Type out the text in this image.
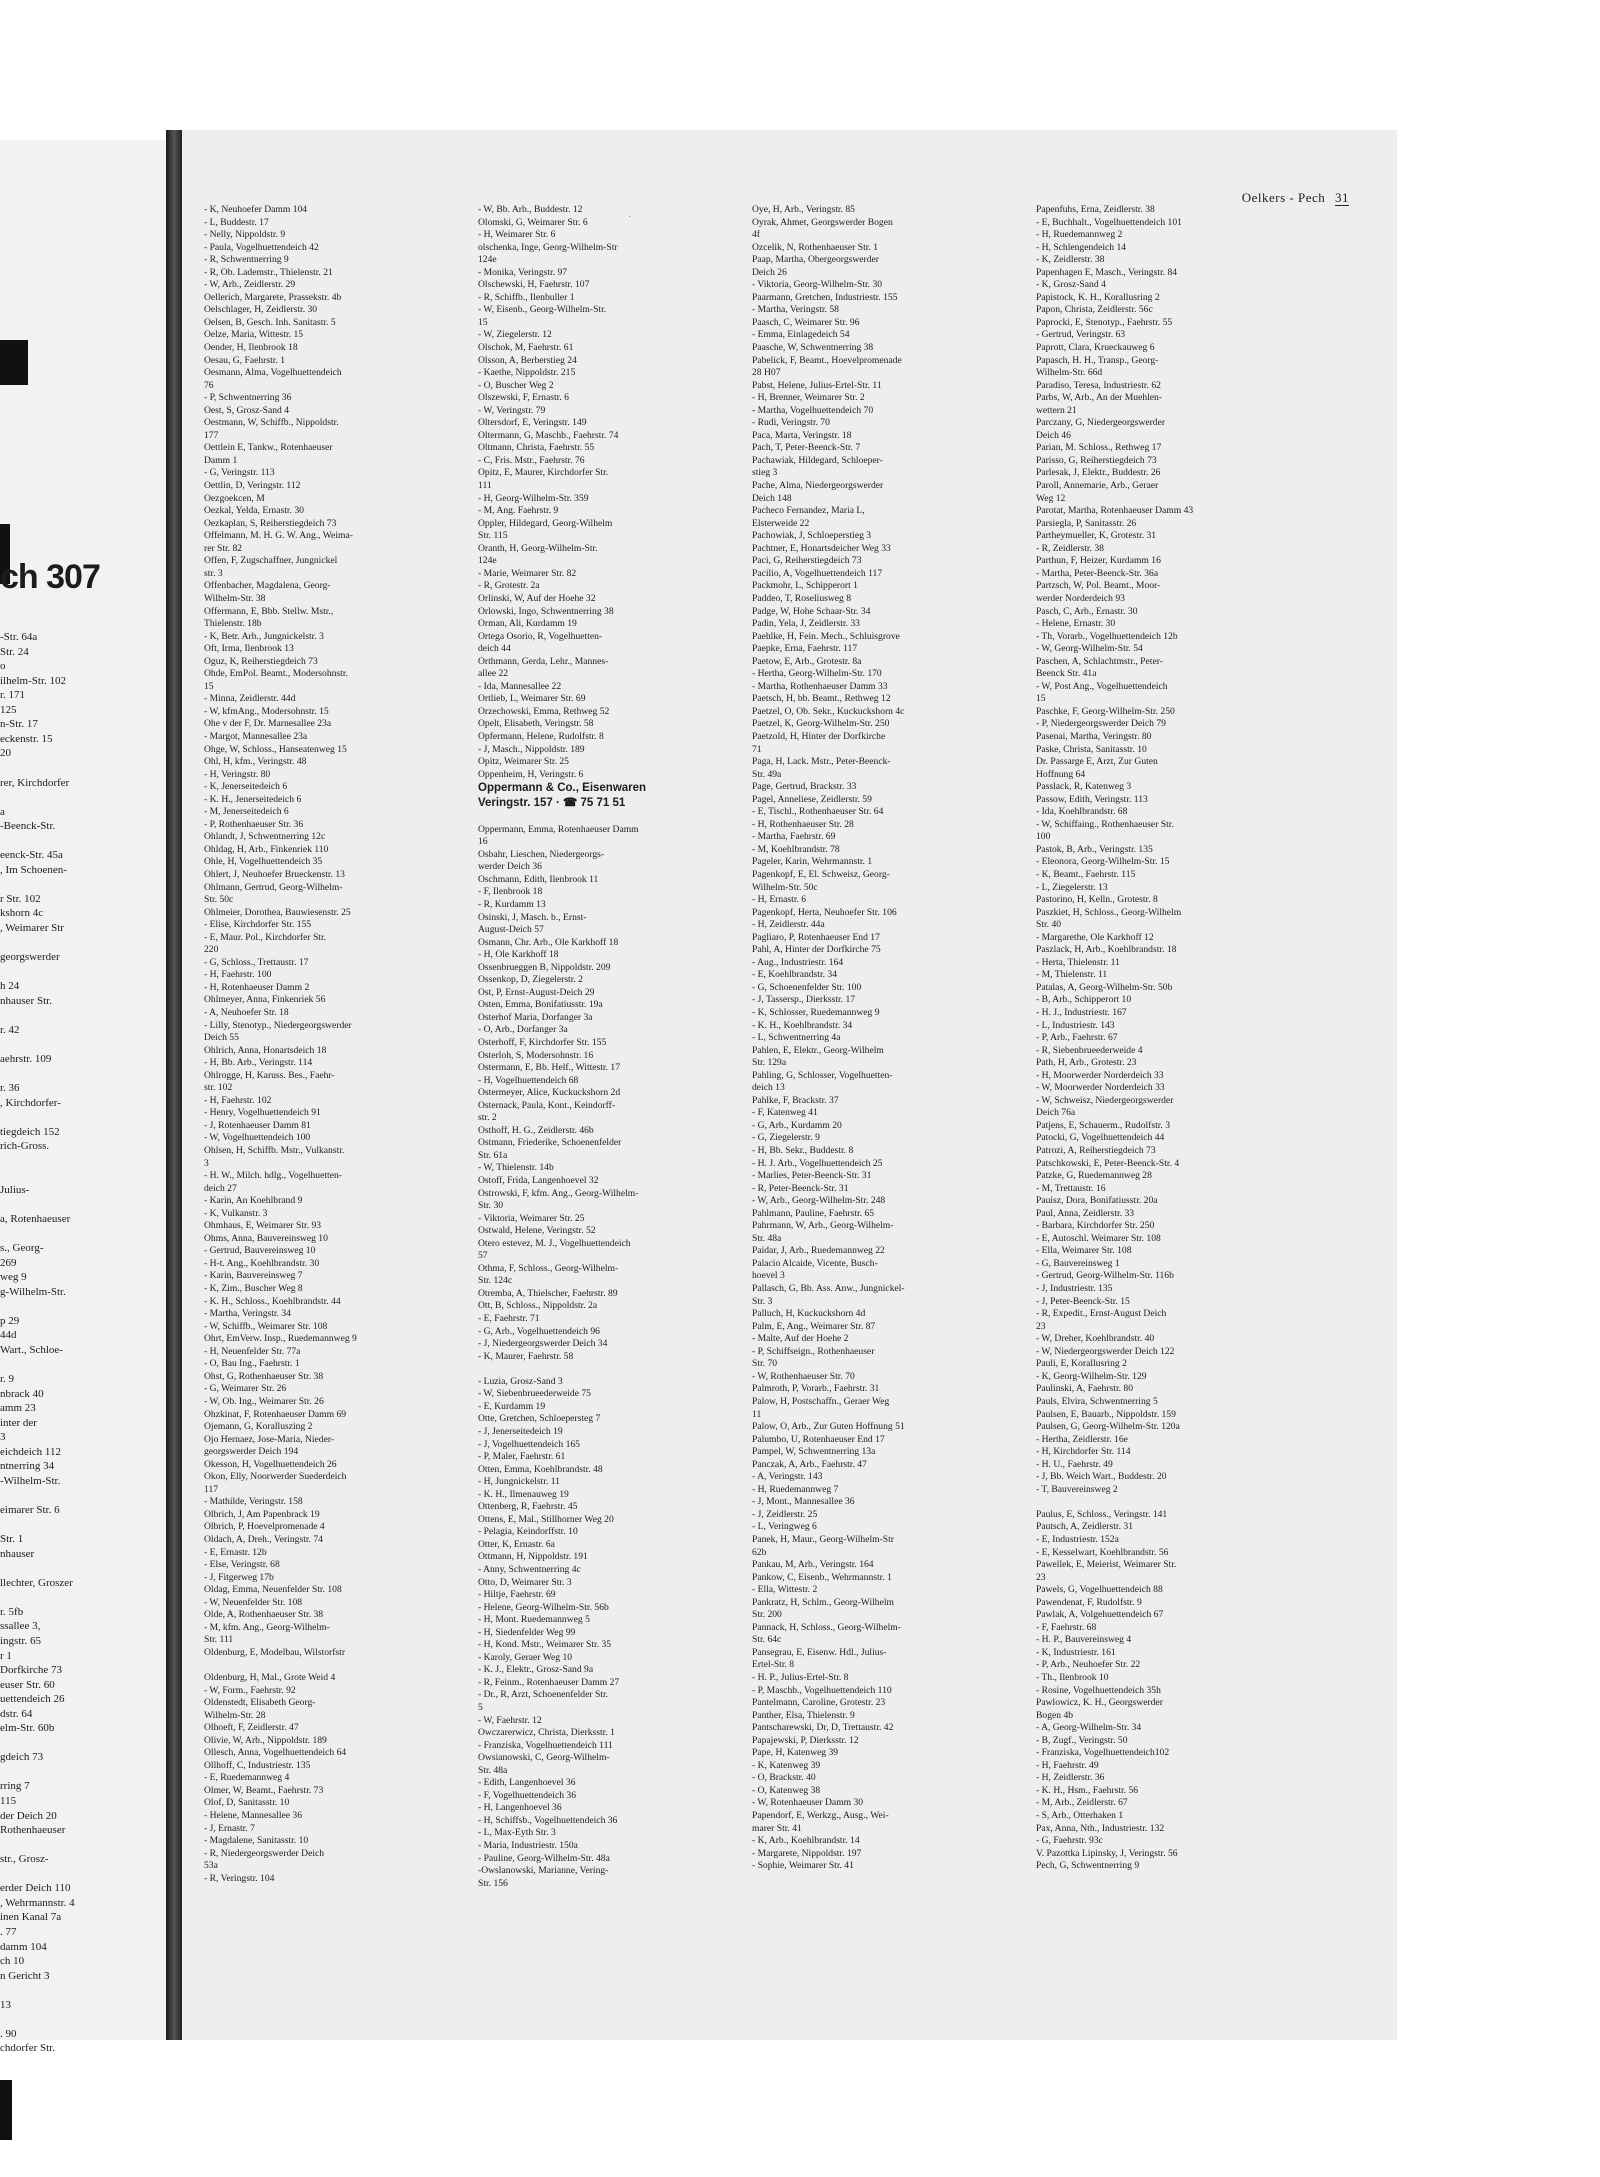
ch 307
-Str. 64a
Str. 24
o
ilhelm-Str. 102
r. 171
125
n-Str. 17
eckenstr. 15
20
rer, Kirchdorfer
a
-Beenck-Str.
eenck-Str. 45a
, Im Schoenen-
r Str. 102
kshorn 4c
, Weimarer Str
georgswerder
h 24
nhauser Str.
r. 42
aehrstr. 109
r. 36
, Kirchdorfer-
tiegdeich 152
rich-Gross.
Julius-
a, Rotenhaeuser
s., Georg-
269
weg 9
g-Wilhelm-Str.
p 29
44d
Wart., Schloe-
r. 9
nbrack 40
amm 23
inter der
3
eichdeich 112
ntnerring 34
-Wilhelm-Str.
eimarer Str. 6
Str. 1
nhauser
llechter, Groszer
r. 5fb
ssallee 3,
ingstr. 65
r 1
Dorfkirche 73
euser Str. 60
uettendeich 26
dstr. 64
elm-Str. 60b
gdeich 73
rring 7
115
der Deich 20
Rothenhaeuser
str., Grosz-
erder Deich 110
, Wehrmannstr. 4
inen Kanal 7a
. 77
damm 104
ch 10
n Gericht 3
13
. 90
chdorfer Str.
Oelkers - Pech 31
·
- K, Neuhoefer Damm 104
- L, Buddestr. 17
- Nelly, Nippoldstr. 9
- Paula, Vogelhuettendeich 42
- R, Schwentnerring 9
- R, Ob. Lademstr., Thielenstr. 21
- W, Arb., Zeidlerstr. 29
Oellerich, Margarete, Prassekstr. 4b
Oelschlager, H, Zeidlerstr. 30
Oelsen, B, Gesch. Inh. Sanitastr. 5
Oelze, Maria, Wittestr. 15
Oender, H, Ilenbrook 18
Oesau, G, Faehrstr. 1
Oesmann, Alma, Vogelhuettendeich
76
- P, Schwentnerring 36
Oest, S, Grosz-Sand 4
Oestmann, W, Schiffb., Nippoldstr.
177
Oettlein E, Tankw., Rotenhaeuser
Damm 1
- G, Veringstr. 113
Oettlin, D, Veringstr. 112
Oezgoekcen, M
Oezkal, Yelda, Ernastr. 30
Oezkaplan, S, Reiherstiegdeich 73
Offelmann, M. H. G. W. Ang., Weima-
rer Str. 82
Offen, F, Zugschaffner, Jungnickel
str. 3
Offenbacher, Magdalena, Georg-
Wilhelm-Str. 38
Offermann, E, Bbb. Stellw. Mstr.,
Thielenstr. 18b
- K, Betr. Arb., Jungnickelstr. 3
Oft, Irma, Ilenbrook 13
Oguz, K, Reiherstiegdeich 73
Ohde, EmPol. Beamt., Modersohnstr.
15
- Minna, Zeidlerstr. 44d
- W, kfmAng., Modersohnstr. 15
Ohe v der F, Dr. Marnesallee 23a
- Margot, Mannesallee 23a
Ohge, W, Schloss., Hanseatenweg 15
Ohl, H, kfm., Veringstr. 48
- H, Veringstr. 80
- K, Jenerseitedeich 6
- K. H., Jenerseitedeich 6
- M, Jenerseitedeich 6
- P, Rothenhaeuser Str. 36
Ohlandt, J, Schwentnerring 12c
Ohldag, H, Arb., Finkenriek 110
Ohle, H, Vogelhuettendeich 35
Ohlert, J, Neuhoefer Brueckenstr. 13
Ohlmann, Gertrud, Georg-Wilhelm-
Str. 50c
Ohlmeier, Dorothea, Bauwiesenstr. 25
- Elise, Kirchdorfer Str. 155
- E, Maur. Pol., Kirchdorfer Str.
220
- G, Schloss., Trettaustr. 17
- H, Faehrstr. 100
- H, Rotenhaeuser Damm 2
Ohlmeyer, Anna, Finkenriek 56
- A, Neuhoefer Str. 18
- Lilly, Stenotyp., Niedergeorgswerder
Deich 55
Ohlrich, Anna, Honartsdeich 18
- H, Bb. Arb., Veringstr. 114
Ohlrogge, H, Karuss. Bes., Faehr-
str. 102
- H, Faehrstr. 102
- Henry, Vogelhuettendeich 91
- J, Rotenhaeuser Damm 81
- W, Vogelhuettendeich 100
Ohlsen, H, Schiffb. Mstr., Vulkanstr.
3
- H. W., Milch. hdlg., Vogelhuetten-
deich 27
- Karin, An Koehlbrand 9
- K, Vulkanstr. 3
Ohmhaus, E, Weimarer Str. 93
Ohms, Anna, Bauvereinsweg 10
- Gertrud, Bauvereinsweg 10
- H-t. Ang., Koehlbrandstr. 30
- Karin, Bauvereinsweg 7
- K, Zim., Buscher Weg 8
- K. H., Schloss., Koehlbrandstr. 44
- Martha, Veringstr. 34
- W, Schiffb., Weimarer Str. 108
Ohrt, EmVerw. Insp., Ruedemannweg 9
- H, Neuenfelder Str. 77a
- O, Bau Ing., Faehrstr. 1
Ohst, G, Rothenhaeuser Str. 38
- G, Weimarer Str. 26
- W, Ob. Ing., Weimarer Str. 26
Ohzkinat, F, Rotenhaeuser Damm 69
Ojemann, G, Koralluszing 2
Ojo Hernaez, Jose-Maria, Nieder-
georgswerder Deich 194
Okesson, H, Vogelhuettendeich 26
Okon, Elly, Noorwerder Suederdeich
117
- Mathilde, Veringstr. 158
Olbrich, J, Am Papenbrack 19
Olbrich, P, Hoevelpromenade 4
Oldach, A, Dreh., Veringstr. 74
- E, Ernastr. 12b
- Else, Veringstr. 68
- J, Fitgerweg 17b
Oldag, Emma, Neuenfelder Str. 108
- W, Neuenfelder Str. 108
Olde, A, Rothenhaeuser Str. 38
- M, kfm. Ang., Georg-Wilhelm-
Str. 111
Oldenburg, E, Modelbau, Wilstorfstr

Oldenburg, H, Mal., Grote Weid 4
- W, Form., Faehrstr. 92
Oldenstedt, Elisabeth Georg-
Wilhelm-Str. 28
Olhoeft, F, Zeidlerstr. 47
Olivie, W, Arb., Nippoldstr. 189
Ollesch, Anna, Vogelhuettendeich 64
Ollhoff, C, Industriestr. 135
- E, Ruedemannweg 4
Olmer, W, Beamt., Faehrstr. 73
Olof, D, Sanitasstr. 10
- Helene, Mannesallee 36
- J, Ernastr. 7
- Magdalene, Sanitasstr. 10
- R, Niedergeorgswerder Deich
53a
- R, Veringstr. 104
- W, Bb. Arb., Buddestr. 12
Olomski, G, Weimarer Str. 6
- H, Weimarer Str. 6
olschenka, Inge, Georg-Wilhelm-Str
124e
- Monika, Veringstr. 97
Olschewski, H, Faehrstr. 107
- R, Schiffb., Ilenbuller 1
- W, Eisenb., Georg-Wilhelm-Str.
15
- W, Ziegelerstr. 12
Olschok, M, Faehrstr. 61
Olsson, A, Berberstieg 24
- Kaethe, Nippoldstr. 215
- O, Buscher Weg 2
Olszewski, F, Ernastr. 6
- W, Veringstr. 79
Oltersdorf, E, Veringstr. 149
Oltermann, G, Maschb., Faehrstr. 74
Oltmann, Christa, Faehrstr. 55
- C, Fris. Mstr., Faehrstr. 76
Opitz, E, Maurer, Kirchdorfer Str.
111
- H, Georg-Wilhelm-Str. 359
- M, Ang. Faehrstr. 9
Oppler, Hildegard, Georg-Wilhelm
Str. 115
Oranth, H, Georg-Wilhelm-Str.
124e
- Marie, Weimarer Str. 82
- R, Grotestr. 2a
Orlinski, W, Auf der Hoehe 32
Orlowski, Ingo, Schwentnerring 38
Orman, Ali, Kurdamm 19
Ortega Osorio, R, Vogelhuetten-
deich 44
Orthmann, Gerda, Lehr., Mannes-
allee 22
- Ida, Mannesallee 22
Ortlieb, L, Weimarer Str. 69
Orzechowski, Emma, Rethweg 52
Opelt, Elisabeth, Veringstr. 58
Opfermann, Helene, Rudolfstr. 8
- J, Masch., Nippoldstr. 189
Opitz, Weimarer Str. 25
Oppenheim, H, Veringstr. 6
Oppermann & Co., Eisenwaren
Veringstr. 157 · ☎ 75 71 51

Oppermann, Emma, Rotenhaeuser Damm
16
Osbahr, Lieschen, Niedergeorgs-
werder Deich 36
Oschmann, Edith, Ilenbrook 11
- F, Ilenbrook 18
- R, Kurdamm 13
Osinski, J, Masch. b., Ernst-
August-Deich 57
Osmann, Chr. Arb., Ole Karkhoff 18
- H, Ole Karkhoff 18
Ossenbrueggen B, Nippoldstr. 209
Ossenkop, D, Ziegelerstr. 2
Ost, P, Ernst-August-Deich 29
Osten, Emma, Bonifatiusstr. 19a
Osterhof Maria, Dorfanger 3a
- O, Arb., Dorfanger 3a
Osterhoff, F, Kirchdorfer Str. 155
Osterloh, S, Modersohnstr. 16
Ostermann, E, Bb. Helf., Wittestr. 17
- H, Vogelhuettendeich 68
Ostermeyer, Alice, Kuckuckshorn 2d
Osternack, Paula, Kont., Keindorff-
str. 2
Osthoff, H. G., Zeidlerstr. 46b
Ostmann, Friederike, Schoenenfelder
Str. 61a
- W, Thielenstr. 14b
Ostoff, Frida, Langenhoevel 32
Ostrowski, F, kfm. Ang., Georg-Wilhelm-
Str. 30
- Viktoria, Weimarer Str. 25
Ostwald, Helene, Veringstr. 52
Otero estevez, M. J., Vogelhuettendeich
57
Othma, F, Schloss., Georg-Wilhelm-
Str. 124c
Otremba, A, Thielscher, Faehrstr. 89
Ott, B, Schloss., Nippoldstr. 2a
- E, Faehrstr. 71
- G, Arb., Vogelhuettendeich 96
- J, Niedergeorgswerder Deich 34
- K, Maurer, Faehrstr. 58

- Luzia, Grosz-Sand 3
- W, Siebenbrueederweide 75
- E, Kurdamm 19
Otte, Gretchen, Schloepersteg 7
- J, Jenerseitedeich 19
- J, Vogelhuettendeich 165
- P, Maler, Faehrstr. 61
Otten, Emma, Koehlbrandstr. 48
- H, Jungnickelstr. 11
- K. H., Ilmenauweg 19
Ottenberg, R, Faehrstr. 45
Ottens, E, Mal., Stillhorner Weg 20
- Pelagia, Keindorffstr. 10
Otter, K, Ernastr. 6a
Ottmann, H, Nippoldstr. 191
- Anny, Schwentnerring 4c
Otto, D, Weimarer Str. 3
- Hiltje, Faehrstr. 69
- Helene, Georg-Wilhelm-Str. 56b
- H, Mont. Ruedemannweg 5
- H, Siedenfelder Weg 99
- H, Kond. Mstr., Weimarer Str. 35
- Karoly, Geraer Weg 10
- K. J., Elektr., Grosz-Sand 9a
- R, Feinm., Rotenhaeuser Damm 27
- Dr., R, Arzt, Schoenenfelder Str.
5
- W, Faehrstr. 12
Owczarerwicz, Christa, Dierksstr. 1
- Franziska, Vogelhuettendeich 111
Owsianowski, C, Georg-Wilhelm-
Str. 48a
- Edith, Langenhoevel 36
- F, Vogelhuettendeich 36
- H, Langenhoevel 36
- H, Schiffsb., Vogelhuettendeich 36
- L, Max-Eyth Str. 3
- Maria, Industriestr. 150a
- Pauline, Georg-Wilhelm-Str. 48a
-Owslanowski, Marianne, Vering-
Str. 156
Oye, H, Arb., Veringstr. 85
Oyrak, Ahmet, Georgswerder Bogen
4f
Ozcelik, N, Rothenhaeuser Str. 1
Paap, Martha, Obergeorgswerder
Deich 26
- Viktoria, Georg-Wilhelm-Str. 30
Paarmann, Gretchen, Industriestr. 155
- Martha, Veringstr. 58
Paasch, C, Weimarer Str. 96
- Emma, Einlagedeich 54
Paasche, W, Schwentnerring 38
Pabelick, F, Beamt., Hoevelpromenade
28 H07
Pabst, Helene, Julius-Ertel-Str. 11
- H, Brenner, Weimarer Str. 2
- Martha, Vogelhuettendeich 70
- Rudi, Veringstr. 70
Paca, Marta, Veringstr. 18
Pach, T, Peter-Beenck-Str. 7
Pachawiak, Hildegard, Schloeper-
stieg 3
Pache, Alma, Niedergeorgswerder
Deich 148
Pacheco Fernandez, Maria L,
Elsterweide 22
Pachowiak, J, Schloeperstieg 3
Pachtner, E, Honartsdeicher Weg 33
Paci, G, Reiherstiegdeich 73
Pacilio, A, Vogelhuettendeich 117
Packmohr, L, Schipperort 1
Paddeo, T, Roseliusweg 8
Padge, W, Hohe Schaar-Str. 34
Padin, Yela, J, Zeidlerstr. 33
Paehlke, H, Fein. Mech., Schluisgrove
Paepke, Erna, Faehrstr. 117
Paetow, E, Arb., Grotestr. 8a
- Hertha, Georg-Wilhelm-Str. 170
- Martha, Rothenhaeuser Damm 33
Paetsch, H, bb. Beamt., Rethweg 12
Paetzel, O, Ob. Sekr., Kuckuckshorn 4c
Paetzel, K, Georg-Wilhelm-Str. 250
Paetzold, H, Hinter der Dorfkirche
71
Paga, H, Lack. Mstr., Peter-Beenck-
Str. 49a
Page, Gertrud, Brackstr. 33
Pagel, Anneliese, Zeidlerstr. 59
- E, Tischl., Rothenhaeuser Str. 64
- H, Rothenhaeuser Str. 28
- Martha, Faehrstr. 69
- M, Koehlbrandstr. 78
Pageler, Karin, Wehrmannstr. 1
Pagenkopf, E, El. Schweisz, Georg-
Wilhelm-Str. 50c
- H, Ernastr. 6
Pagenkopf, Herta, Neuhoefer Str. 106
- H, Zeidlerstr. 44a
Pagliaro, P, Rotenhaeuser End 17
Pahl, A, Hinter der Dorfkirche 75
- Aug., Industriestr. 164
- E, Koehlbrandstr. 34
- G, Schoenenfelder Str. 100
- J, Tassersp., Dierksstr. 17
- K, Schlosser, Ruedemannweg 9
- K. H., Koehlbrandstr. 34
- L, Schwentnerring 4a
Pahlen, E, Elektr., Georg-Wilhelm
Str. 129a
Pahling, G, Schlosser, Vogelhuetten-
deich 13
Pahlke, F, Brackstr. 37
- F, Katenweg 41
- G, Arb., Kurdamm 20
- G, Ziegelerstr. 9
- H, Bb. Sekr., Buddestr. 8
- H. J. Arb., Vogelhuettendeich 25
- Marlies, Peter-Beenck-Str. 31
- R, Peter-Beenck-Str. 31
- W, Arb., Georg-Wilhelm-Str. 248
Pahlmann, Pauline, Faehrstr. 65
Pahrmann, W, Arb., Georg-Wilhelm-
Str. 48a
Paidar, J, Arb., Ruedemannweg 22
Palacio Alcaide, Vicente, Busch-
hoevel 3
Pallasch, G, Bb. Ass. Anw., Jungnickel-
Str. 3
Palluch, H, Kuckuckshorn 4d
Palm, E, Ang., Weimarer Str. 87
- Malte, Auf der Hoehe 2
- P, Schiffseign., Rothenhaeuser
Str. 70
- W, Rothenhaeuser Str. 70
Palmroth, P, Vorarb., Faehrstr. 31
Palow, H, Postschaffn., Geraer Weg
11
Palow, O, Arb., Zur Guten Hoffnung 51
Palumbo, U, Rotenhaeuser End 17
Pampel, W, Schwentnerring 13a
Panczak, A, Arb., Faehrstr. 47
- A, Veringstr. 143
- H, Ruedemannweg 7
- J, Mont., Mannesallee 36
- J, Zeidlerstr. 25
- L, Veringweg 6
Panek, H, Maur., Georg-Wilhelm-Str
62b
Pankau, M, Arb., Veringstr. 164
Pankow, C, Eisenb., Wehrmannstr. 1
- Ella, Wittestr. 2
Pankratz, H, Schlm., Georg-Wilhelm
Str. 200
Pannack, H, Schloss., Georg-Wilhelm-
Str. 64c
Pansegrau, E, Eisenw. Hdl., Julius-
Ertel-Str. 8
- H. P., Julius-Ertel-Str. 8
- P, Maschb., Vogelhuettendeich 110
Pantelmann, Caroline, Grotestr. 23
Panther, Elsa, Thielenstr. 9
Pantscharewski, Dr, D, Trettaustr. 42
Papajewski, P, Dierksstr. 12
Pape, H, Katenweg 39
- K, Katenweg 39
- O, Brackstr. 40
- O, Katenweg 38
- W, Rotenhaeuser Damm 30
Papendorf, E, Werkzg., Ausg., Wei-
marer Str. 41
- K, Arb., Koehlbrandstr. 14
- Margarete, Nippoldstr. 197
- Sophie, Weimarer Str. 41
Papenfuhs, Erna, Zeidlerstr. 38
- E, Buchhalt., Vogelhuettendeich 101
- H, Ruedemannweg 2
- H, Schlengendeich 14
- K, Zeidlerstr. 38
Papenhagen E, Masch., Veringstr. 84
- K, Grosz-Sand 4
Papistock, K. H., Korallusring 2
Papon, Christa, Zeidlerstr. 56c
Paprocki, E, Stenotyp., Faehrstr. 55
- Gertrud, Veringstr. 63
Paprott, Clara, Krueckauweg 6
Papasch, H. H., Transp., Georg-
Wilhelm-Str. 66d
Paradiso, Teresa, Industriestr. 62
Parbs, W, Arb., An der Muehlen-
wettern 21
Parczany, G, Niedergeorgswerder
Deich 46
Parian, M. Schloss., Rethweg 17
Parisso, G, Reiherstiegdeich 73
Parlesak, J, Elektr., Buddestr. 26
Paroll, Annemarie, Arb., Geraer
Weg 12
Parotat, Martha, Rotenhaeuser Damm 43
Parsiegla, P, Sanitasstr. 26
Partheymueller, K, Grotestr. 31
- R, Zeidlerstr. 38
Parthun, F, Heizer, Kurdamm 16
- Martha, Peter-Beenck-Str. 36a
Partzsch, W, Pol. Beamt., Moor-
werder Norderdeich 93
Pasch, C, Arb., Ernastr. 30
- Helene, Ernastr. 30
- Th, Vorarb., Vogelhuettendeich 12b
- W, Georg-Wilhelm-Str. 54
Paschen, A, Schlachtmstr., Peter-
Beenck Str. 41a
- W, Post Ang., Vogelhuettendeich
15
Paschke, F, Georg-Wilhelm-Str. 250
- P, Niedergeorgswerder Deich 79
Pasenai, Martha, Veringstr. 80
Paske, Christa, Sanitasstr. 10
Dr. Passarge E, Arzt, Zur Guten
Hoffnung 64
Passlack, R, Katenweg 3
Passow, Edith, Veringstr. 113
- Ida, Koehlbrandstr. 68
- W, Schiffaing., Rothenhaeuser Str.
100
Pastok, B, Arb., Veringstr. 135
- Eleonora, Georg-Wilhelm-Str. 15
- K, Beamt., Faehrstr. 115
- L, Ziegelerstr. 13
Pastorino, H, Kelln., Grotestr. 8
Paszkiet, H, Schloss., Georg-Wilhelm
Str. 40
- Margarethe, Ole Karkhoff 12
Paszlack, H, Arb., Koehlbrandstr. 18
- Herta, Thielenstr. 11
- M, Thielenstr. 11
Patalas, A, Georg-Wilhelm-Str. 50b
- B, Arb., Schipperort 10
- H. J., Industriestr. 167
- L, Industriestr. 143
- P, Arb., Faehrstr. 67
- R, Siebenbrueederweide 4
Path, H, Arb., Grotestr. 23
- H, Moorwerder Norderdeich 33
- W, Moorwerder Norderdeich 33
- W, Schweisz, Niedergeorgswerder
Deich 76a
Patjens, E, Schauerm., Rudolfstr. 3
Patocki, G, Vogelhuettendeich 44
Patrozi, A, Reiherstiegdeich 73
Patschkowski, E, Peter-Beenck-Str. 4
Patzke, G, Ruedemannweg 28
- M, Trettaustr. 16
Pauisz, Dora, Bonifatiusstr. 20a
Paul, Anna, Zeidlerstr. 33
- Barbara, Kirchdorfer Str. 250
- E, Autoschl. Weimarer Str. 108
- Ella, Weimarer Str. 108
- G, Bauvereinsweg 1
- Gertrud, Georg-Wilhelm-Str. 116b
- J, Industriestr. 135
- J, Peter-Beenck-Str. 15
- R, Expedit., Ernst-August Deich
23
- W, Dreher, Koehlbrandstr. 40
- W, Niedergeorgswerder Deich 122
Pauli, E, Korallusring 2
- K, Georg-Wilhelm-Str. 129
Paulinski, A, Faehrstr. 80
Pauls, Elvira, Schwentnerring 5
Paulsen, E, Bauarb., Nippoldstr. 159
Paulsen, G, Georg-Wilhelm-Str. 120a
- Hertha, Zeidlerstr. 16e
- H, Kirchdorfer Str. 114
- H. U., Faehrstr. 49
- J, Bb. Weich Wart., Buddestr. 20
- T, Bauvereinsweg 2

Paulus, E, Schloss., Veringstr. 141
Pautsch, A, Zeidlerstr. 31
- E, Industriestr. 152a
- E, Kesselwart, Koehlbrandstr. 56
Pawellek, E, Meierist, Weimarer Str.
23
Pawels, G, Vogelhuettendeich 88
Pawendenat, F, Rudolfstr. 9
Pawlak, A, Volgehuettendeich 67
- F, Faehrstr. 68
- H. P., Bauvereinsweg 4
- K, Industriestr. 161
- P, Arb., Neuhoefer Str. 22
- Th., Ilenbrook 10
- Rosine, Vogelhuettendeich 35h
Pawlowicz, K. H., Georgswerder
Bogen 4b
- A, Georg-Wilhelm-Str. 34
- B, Zugf., Veringstr. 50
- Franziska, Vogelhuettendeich102
- H, Faehrstr. 49
- H, Zeidlerstr. 36
- K. H., Hsm., Faehrstr. 56
- M, Arb., Zeidlerstr. 67
- S, Arb., Otterhaken 1
Pax, Anna, Nth., Industriestr. 132
- G, Faehrstr. 93c
V. Pazottka Lipinsky, J, Veringstr. 56
Pech, G, Schwentnerring 9
